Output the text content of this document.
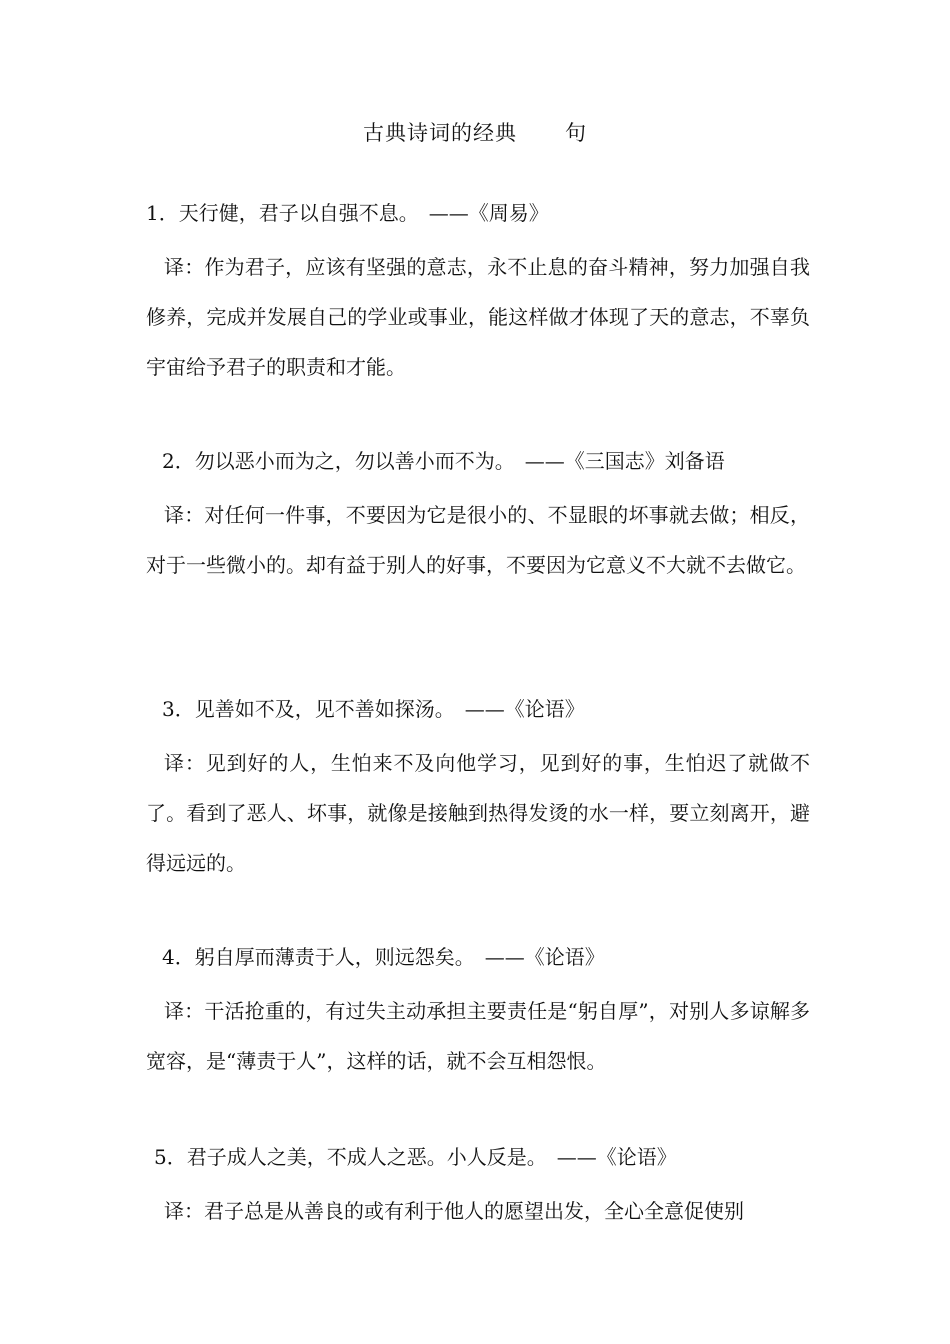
古典诗词的经典 句
1．天行健，君子以自强不息。 ——《周易》
译：作为君子，应该有坚强的意志，永不止息的奋斗精神，努力加强自我修养，完成并发展自己的学业或事业，能这样做才体现了天的意志，不辜负宇宙给予君子的职责和才能。
2．勿以恶小而为之，勿以善小而不为。 ——《三国志》刘备语
译：对任何一件事，不要因为它是很小的、不显眼的坏事就去做；相反，对于一些微小的。却有益于别人的好事，不要因为它意义不大就不去做它。
3．见善如不及，见不善如探汤。 ——《论语》
译：见到好的人，生怕来不及向他学习，见到好的事，生怕迟了就做不了。看到了恶人、坏事，就像是接触到热得发烫的水一样，要立刻离开，避得远远的。
4．躬自厚而薄责于人，则远怨矣。 ——《论语》
译：干活抢重的，有过失主动承担主要责任是“躬自厚”，对别人多谅解多宽容，是“薄责于人”，这样的话，就不会互相怨恨。
5．君子成人之美，不成人之恶。小人反是。 ——《论语》
译：君子总是从善良的或有利于他人的愿望出发，全心全意促使别
